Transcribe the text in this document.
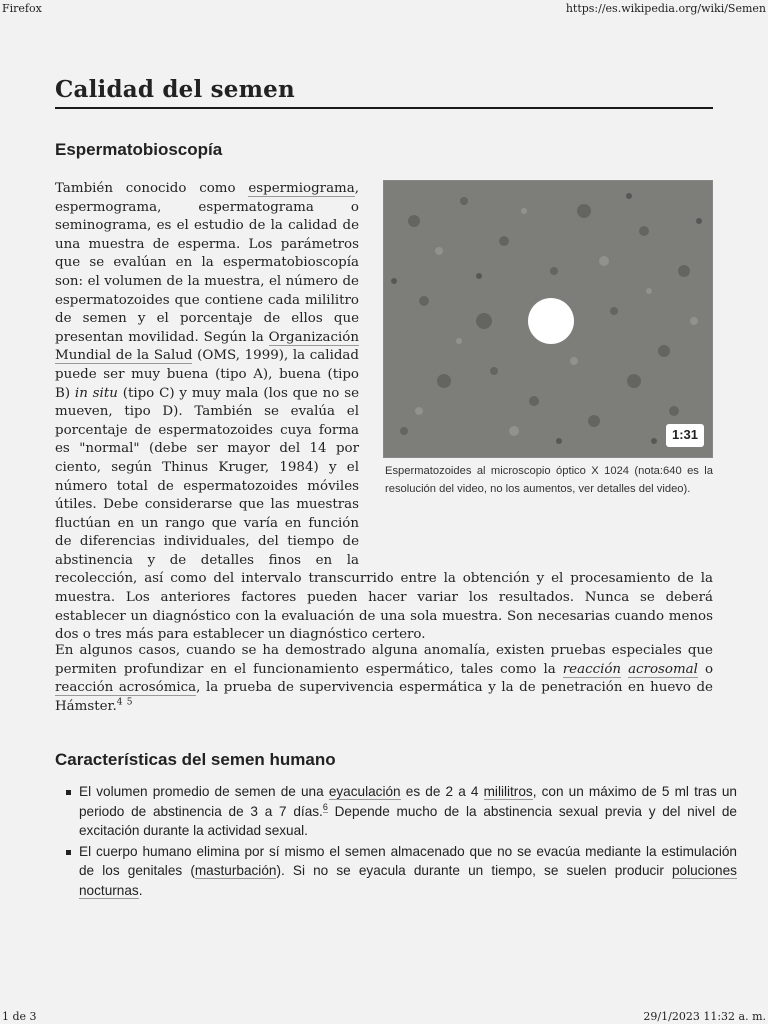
Firefox	https://es.wikipedia.org/wiki/Semen
Calidad del semen
Espermatobioscopía

1:31
Espermatozoides al microscopio óptico X 1024 (nota:640 es la resolución del video, no los aumentos, ver detalles del video).
También conocido como espermiograma, espermograma, espermatograma o seminograma, es el estudio de la calidad de una muestra de esperma. Los parámetros que se evalúan en la espermatobioscopía son: el volumen de la muestra, el número de espermatozoides que contiene cada mililitro de semen y el porcentaje de ellos que presentan movilidad. Según la Organización Mundial de la Salud (OMS, 1999), la calidad puede ser muy buena (tipo A), buena (tipo B) in situ (tipo C) y muy mala (los que no se mueven, tipo D). También se evalúa el porcentaje de espermatozoides cuya forma es "normal" (debe ser mayor del 14 por ciento, según Thinus Kruger, 1984) y el número total de espermatozoides móviles útiles. Debe considerarse que las muestras fluctúan en un rango que varía en función de diferencias individuales, del tiempo de abstinencia y de detalles finos en la recolección, así como del intervalo transcurrido entre la obtención y el procesamiento de la muestra. Los anteriores factores pueden hacer variar los resultados. Nunca se deberá establecer un diagnóstico con la evaluación de una sola muestra. Son necesarias cuando menos dos o tres más para establecer un diagnóstico certero.

En algunos casos, cuando se ha demostrado alguna anomalía, existen pruebas especiales que permiten profundizar en el funcionamiento espermático, tales como la reacción acrosomal o reacción acrosómica, la prueba de supervivencia espermática y la de penetración en huevo de Hámster.$^4$ $^5$

Características del semen humano
El volumen promedio de semen de una eyaculación es de 2 a 4 mililitros, con un máximo de 5 ml tras un periodo de abstinencia de 3 a 7 días.$^6$ Depende mucho de la abstinencia sexual previa y del nivel de excitación durante la actividad sexual.
El cuerpo humano elimina por sí mismo el semen almacenado que no se evacúa mediante la estimulación de los genitales (masturbación). Si no se eyacula durante un tiempo, se suelen producir poluciones nocturnas.
1 de 3	29/1/2023 11:32 a. m.
